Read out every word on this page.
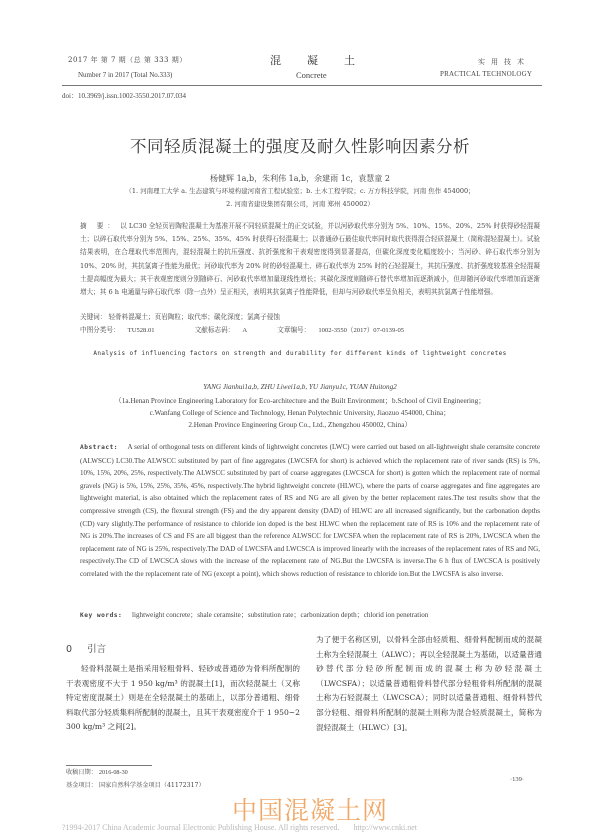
2017 年 第 7 期（总 第 333 期）
Number 7 in 2017 (Total No.333)
混凝土
Concrete
实用技术
PRACTICAL TECHNOLOGY
doi：10.3969/j.issn.1002-3550.2017.07.034
不同轻质混凝土的强度及耐久性影响因素分析
杨健辉 1a,b，朱利伟 1a,b，余建雨 1c，袁慧童 2
（1. 河南理工大学 a. 生态建筑与环境构建河南省工程试验室；b. 土木工程学院；c. 万方科技学院，河南 焦作 454000；
2. 河南省建设集团有限公司，河南 郑州 450002）
摘 要： 以 LC30 全轻页岩陶粒混凝土为基准开展不同轻质混凝土的正交试验，并以河砂取代率分别为 5%、10%、15%、20%、25% 时获得砂轻混凝土；以碎石取代率分别为 5%、15%、25%、35%、45% 时获得石轻混凝土；以普通砂石最佳取代率同时取代获得混合轻质混凝土（简称混轻混凝土）。试验结果表明，在合理取代率范围内，混轻混凝土的抗压强度、抗折强度和干表观密度得到显著提高，但碳化深度变化幅度较小；当河砂、碎石取代率分别为 10%、20% 时，其抗氯离子性能为最优；河砂取代率为 20% 时的砂轻混凝土、碎石取代率为 25% 时的石轻混凝土，其抗压强度、抗折强度较基准全轻混凝土提高幅度为最大；其干表观密度则分别随碎石、河砂取代率增加量现线性增长；其碳化深度则随碎石替代率增加而逐渐减小，但却随河砂取代率增加而逐渐增大；其 6 h 电通量与碎石取代率（除一点外）呈正相关，表明其抗氯离子性能降低，但却与河砂取代率呈负相关，表明其抗氯离子性能增强。
关键词： 轻骨料混凝土；页岩陶粒；取代率；碳化深度；氯离子侵蚀
中图分类号： TU528.01	文献标志码： A	文章编号： 1002-3550（2017）07-0139-05
Analysis of influencing factors on strength and durability for different kinds of lightweight concretes
YANG Jianhui1a,b, ZHU Liwei1a,b, YU Jianyu1c, YUAN Huitong2
（1a.Henan Province Engineering Laboratory for Eco-architecture and the Built Environment；b.School of Civil Engineering；
c.Wanfang College of Science and Technology, Henan Polytechnic University, Jiaozuo 454000, China；
2.Henan Province Engineering Group Co., Ltd., Zhengzhou 450002, China）
Abstract: A serial of orthogonal tests on different kinds of lightweight concretes (LWC) were carried out based on all-lightweight shale ceramsite concrete (ALWSCC) LC30.The ALWSCC substituted by part of fine aggregates (LWCSFA for short) is achieved which the replacement rate of river sands (RS) is 5%, 10%, 15%, 20%, 25%, respectively.The ALWSCC substituted by part of coarse aggregates (LWCSCA for short) is gotten which the replacement rate of normal gravels (NG) is 5%, 15%, 25%, 35%, 45%, respectively.The hybrid lightweight concrete (HLWC), where the parts of coarse aggregates and fine aggregates are lightweight material, is also obtained which the replacement rates of RS and NG are all given by the better replacement rates.The test results show that the compressive strength (CS), the flexural strength (FS) and the dry apparent density (DAD) of HLWC are all increased significantly, but the carbonation depths (CD) vary slightly.The performance of resistance to chloride ion doped is the best HLWC when the replacement rate of RS is 10% and the replacement rate of NG is 20%.The increases of CS and FS are all biggest than the reference ALWSCC for LWCSFA when the replacement rate of RS is 20%, LWCSCA when the replacement rate of NG is 25%, respectively.The DAD of LWCSFA and LWCSCA is improved linearly with the increases of the replacement rates of RS and NG, respectively.The CD of LWCSCA slows with the increase of the replacement rate of NG.But the LWCSFA is inverse.The 6 h flux of LWCSCA is positively correlated with the the replacement rate of NG (except a point), which shows reduction of resistance to chloride ion.But the LWCSFA is also inverse.
Key words: lightweight concrete；shale ceramsite；substitution rate；carbonization depth；chlorid ion penetration
0 引言
轻骨料混凝土是指采用轻粗骨料、轻砂或普通砂为骨料所配制的干表观密度不大于 1 950 kg/m³ 的混凝土[1]，而次轻混凝土（又称特定密度混凝土）则是在全轻混凝土的基础上，以部分普通粗、细骨料取代部分轻质集料所配制的混凝土，且其干表观密度介于 1 950~2 300 kg/m³ 之间[2]。
为了便于名称区别，以骨料全部由轻质粗、细骨料配制而成的混凝土称为全轻混凝土（ALWC）；再以全轻混凝土为基础，以适量普通砂替代部分轻砂所配制而成的混凝土称为砂轻混凝土（LWCSFA）；以适量普通粗骨料替代部分轻粗骨料所配制的混凝土称为石轻混凝土（LWCSCA）；同时以适量普通粗、细骨料替代部分轻粗、细骨料所配制的混凝土则称为混合轻质混凝土，简称为混轻混凝土（HLWC）[3]。
收稿日期： 2016-08-30
基金项目： 国家自然科学基金项目（41172317）
·139·
中国混凝土网
?1994-2017 China Academic Journal Electronic Publishing House. All rights reserved. http://www.cnki.net
